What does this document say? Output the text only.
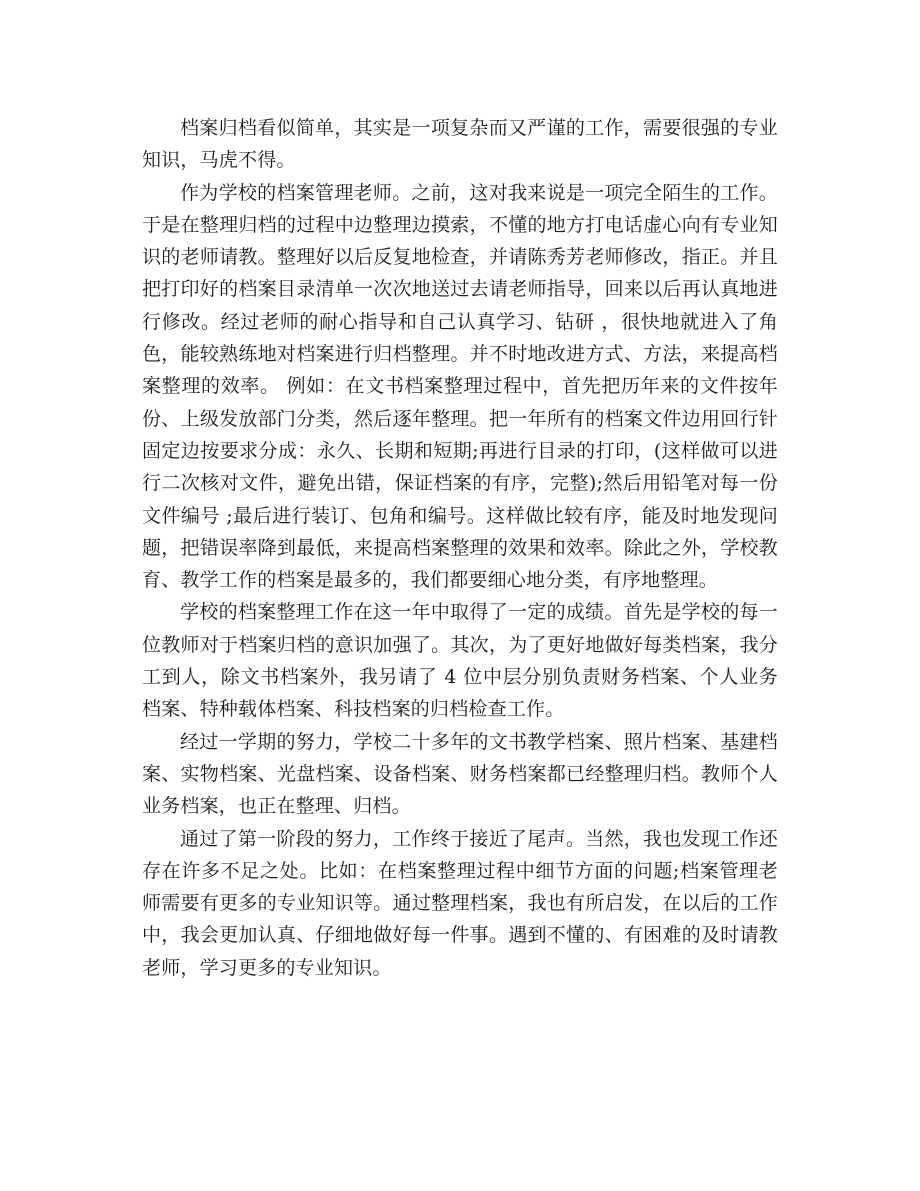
档案归档看似简单，其实是一项复杂而又严谨的工作，需要很强的专业知识，马虎不得。

作为学校的档案管理老师。之前，这对我来说是一项完全陌生的工作。于是在整理归档的过程中边整理边摸索，不懂的地方打电话虚心向有专业知识的老师请教。整理好以后反复地检查，并请陈秀芳老师修改，指正。并且把打印好的档案目录清单一次次地送过去请老师指导，回来以后再认真地进行修改。经过老师的耐心指导和自己认真学习、钻研 ，很快地就进入了角色，能较熟练地对档案进行归档整理。并不时地改进方式、方法，来提高档案整理的效率。 例如：在文书档案整理过程中，首先把历年来的文件按年份、上级发放部门分类，然后逐年整理。把一年所有的档案文件边用回行针固定边按要求分成：永久、长期和短期;再进行目录的打印，(这样做可以进行二次核对文件，避免出错，保证档案的有序，完整);然后用铅笔对每一份文件编号 ;最后进行装订、包角和编号。这样做比较有序，能及时地发现问题，把错误率降到最低，来提高档案整理的效果和效率。除此之外，学校教育、教学工作的档案是最多的，我们都要细心地分类，有序地整理。

学校的档案整理工作在这一年中取得了一定的成绩。首先是学校的每一位教师对于档案归档的意识加强了。其次，为了更好地做好每类档案，我分工到人，除文书档案外，我另请了 4 位中层分别负责财务档案、个人业务档案、特种载体档案、科技档案的归档检查工作。

经过一学期的努力，学校二十多年的文书教学档案、照片档案、基建档案、实物档案、光盘档案、设备档案、财务档案都已经整理归档。教师个人业务档案，也正在整理、归档。

通过了第一阶段的努力，工作终于接近了尾声。当然，我也发现工作还存在许多不足之处。比如：在档案整理过程中细节方面的问题;档案管理老师需要有更多的专业知识等。通过整理档案，我也有所启发，在以后的工作中，我会更加认真、仔细地做好每一件事。遇到不懂的、有困难的及时请教老师，学习更多的专业知识。
